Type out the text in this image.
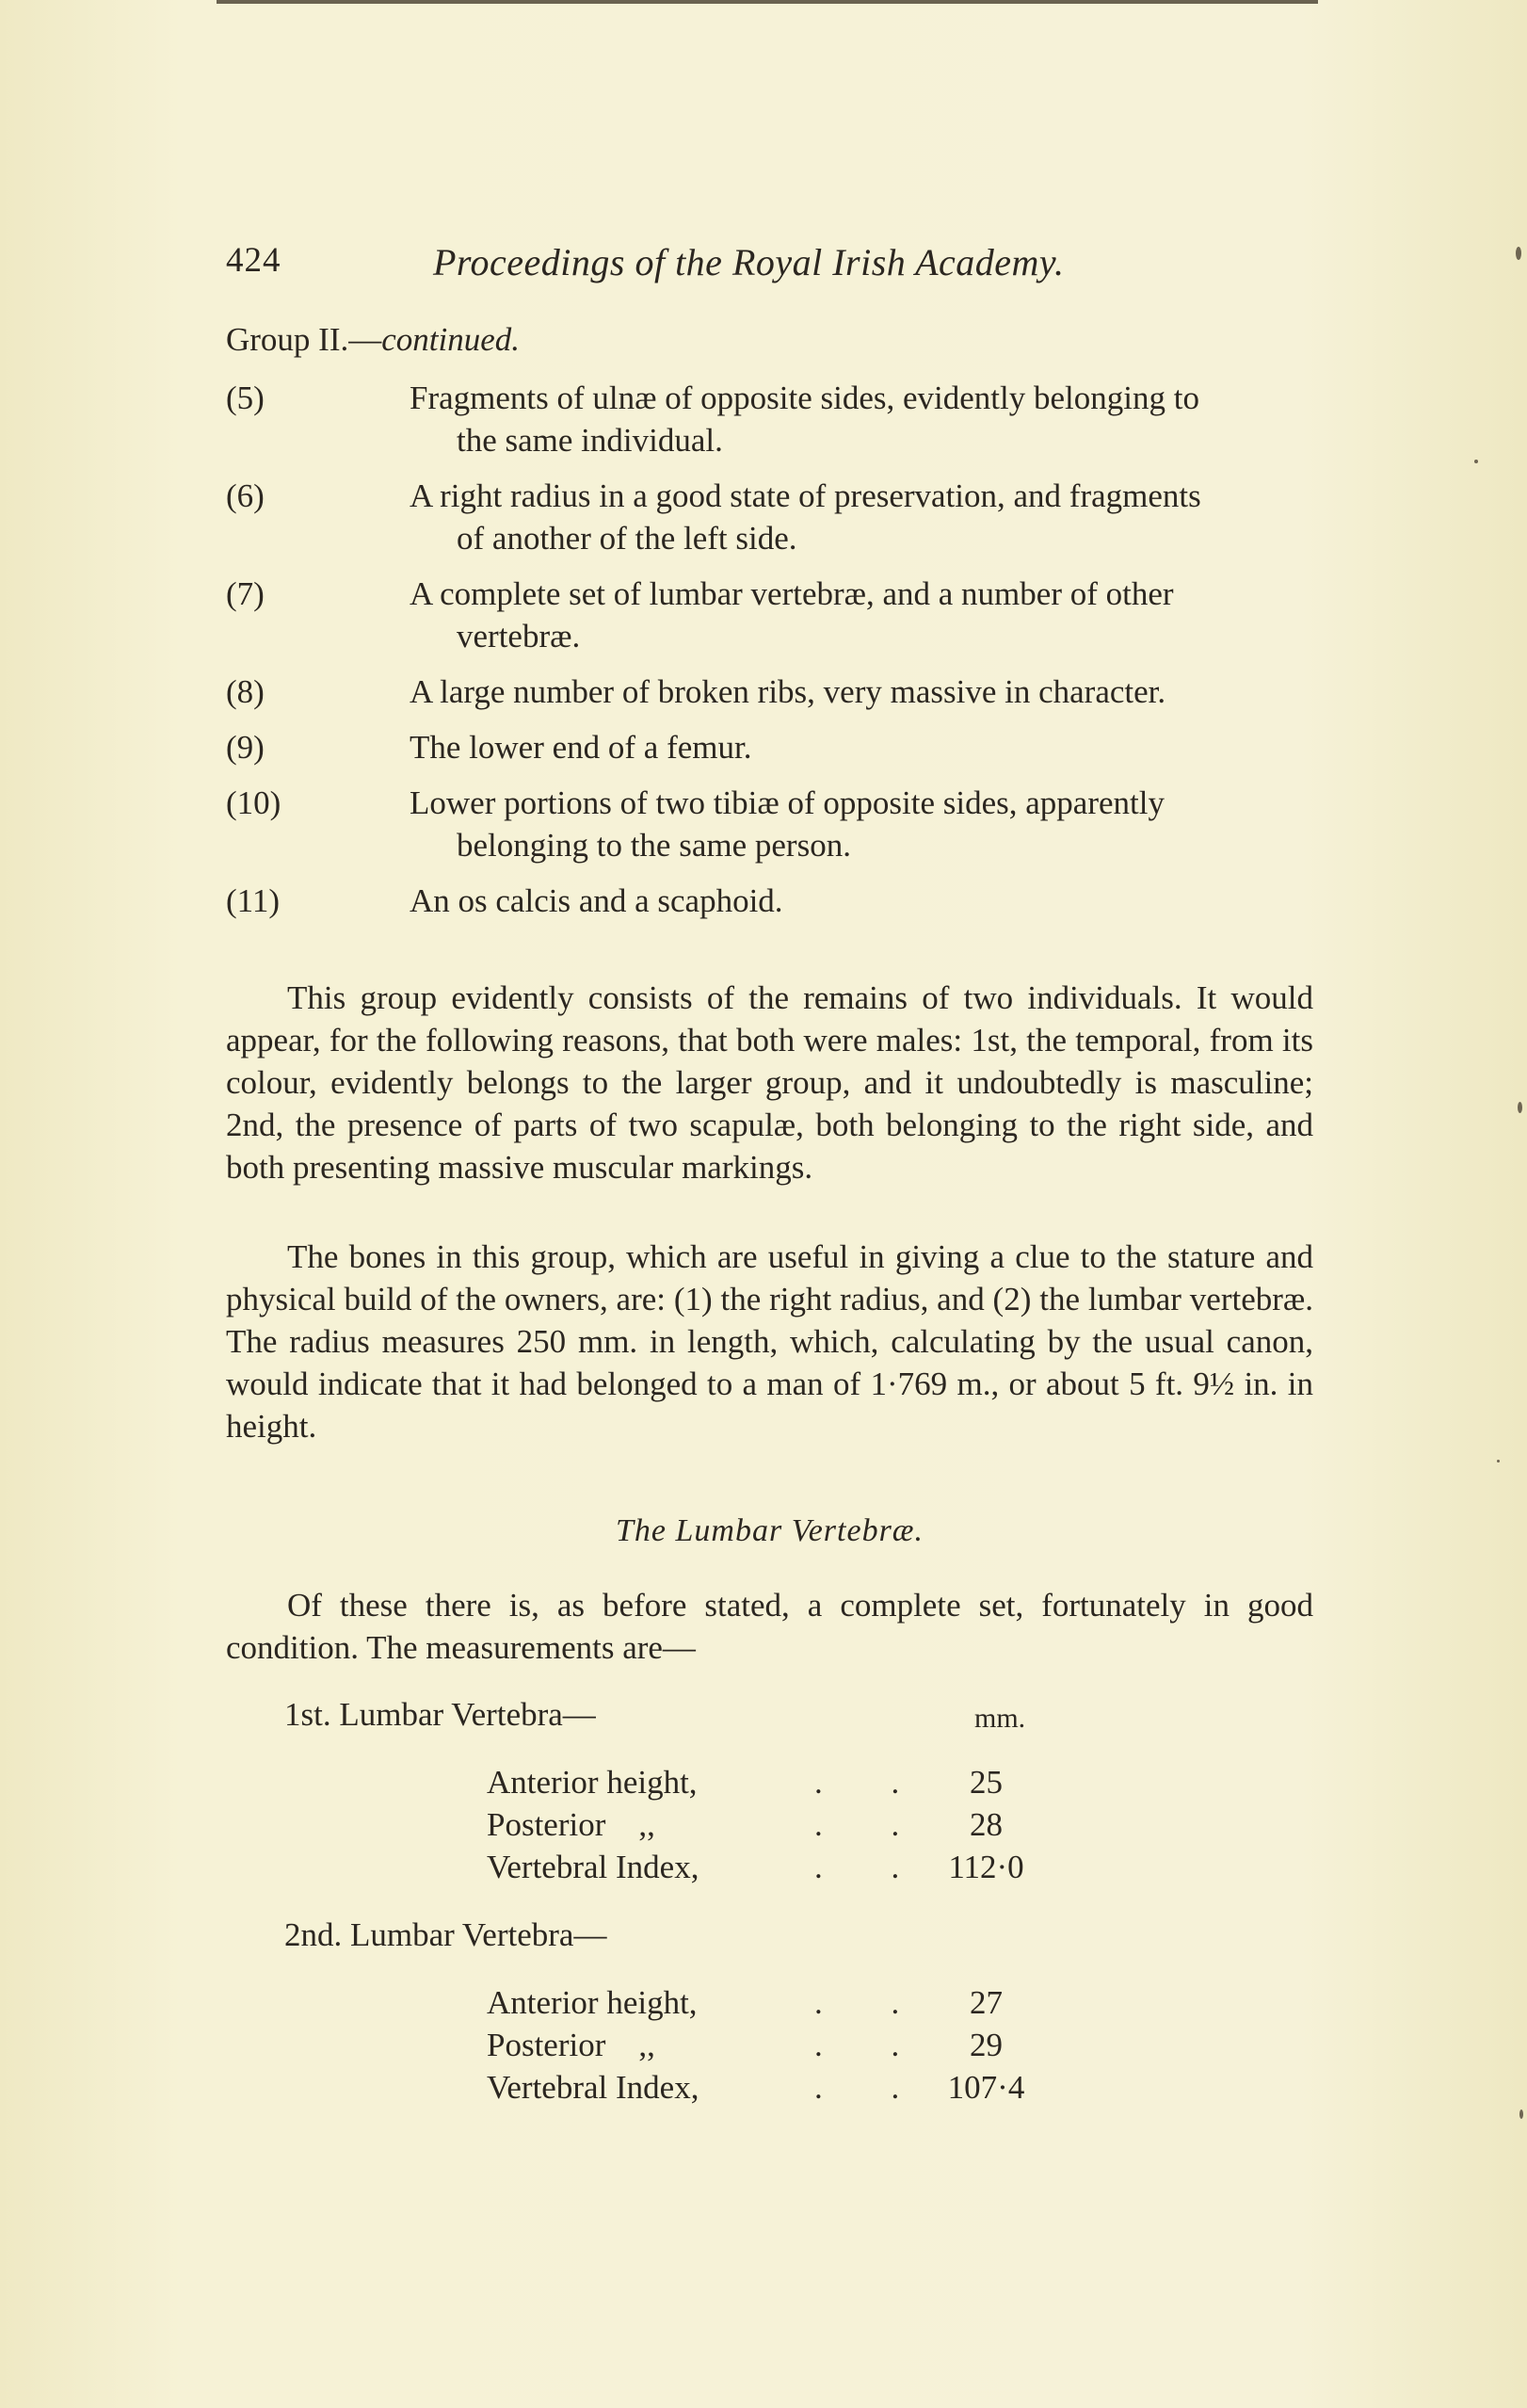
424	Proceedings of the Royal Irish Academy.
Group II.—continued.
(5)	Fragments of ulnæ of opposite sides, evidently belonging to
the same individual.
(6)	A right radius in a good state of preservation, and fragments
of another of the left side.
(7)	A complete set of lumbar vertebræ, and a number of other
vertebræ.
(8)	A large number of broken ribs, very massive in character.
(9)	The lower end of a femur.
(10)	Lower portions of two tibiæ of opposite sides, apparently
belonging to the same person.
(11)	An os calcis and a scaphoid.

This group evidently consists of the remains of two individuals. It would appear, for the following reasons, that both were males: 1st, the temporal, from its colour, evidently belongs to the larger group, and it undoubtedly is masculine; 2nd, the presence of parts of two scapulæ, both belonging to the right side, and both presenting massive muscular markings.

The bones in this group, which are useful in giving a clue to the stature and physical build of the owners, are: (1) the right radius, and (2) the lumbar vertebræ. The radius measures 250 mm. in length, which, calculating by the usual canon, would indicate that it had belonged to a man of 1·769 m., or about 5 ft. 9½ in. in height.

The Lumbar Vertebræ.

Of these there is, as before stated, a complete set, fortunately in good condition. The measurements are—

1st. Lumbar Vertebra—	mm.
Anterior height,	. .	25
Posterior    ,,	. .	28
Vertebral Index,	. . 112·0
2nd. Lumbar Vertebra—
Anterior height,	. .	27
Posterior    ,,	. .	29
Vertebral Index,	. . 107·4
